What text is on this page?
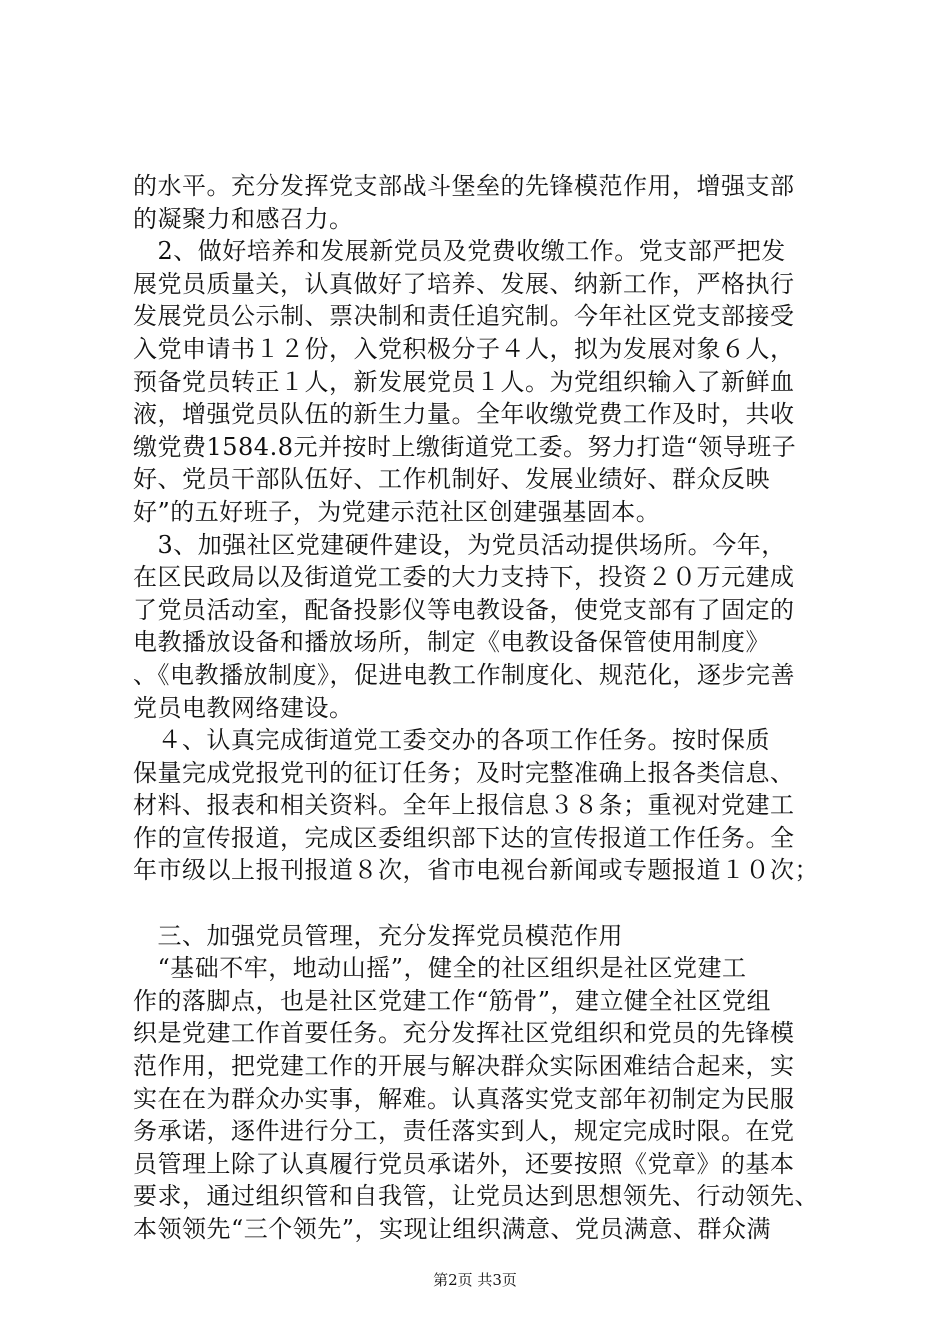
的水平。充分发挥党支部战斗堡垒的先锋模范作用，增强支部
的凝聚力和感召力。
　2、做好培养和发展新党员及党费收缴工作。党支部严把发
展党员质量关，认真做好了培养、发展、纳新工作，严格执行
发展党员公示制、票决制和责任追究制。今年社区党支部接受
入党申请书１２份，入党积极分子４人，拟为发展对象６人，
预备党员转正１人，新发展党员１人。为党组织输入了新鲜血
液，增强党员队伍的新生力量。全年收缴党费工作及时，共收
缴党费1584.8元并按时上缴街道党工委。努力打造“领导班子
好、党员干部队伍好、工作机制好、发展业绩好、群众反映
好”的五好班子，为党建示范社区创建强基固本。
　3、加强社区党建硬件建设，为党员活动提供场所。今年，
在区民政局以及街道党工委的大力支持下，投资２０万元建成
了党员活动室，配备投影仪等电教设备，使党支部有了固定的
电教播放设备和播放场所，制定《电教设备保管使用制度》
、《电教播放制度》，促进电教工作制度化、规范化，逐步完善
党员电教网络建设。
　４、认真完成街道党工委交办的各项工作任务。按时保质
保量完成党报党刊的征订任务；及时完整准确上报各类信息、
材料、报表和相关资料。全年上报信息３８条；重视对党建工
作的宣传报道，完成区委组织部下达的宣传报道工作任务。全
年市级以上报刊报道８次，省市电视台新闻或专题报道１０次；
　三、加强党员管理，充分发挥党员模范作用
　“基础不牢，地动山摇”，健全的社区组织是社区党建工
作的落脚点，也是社区党建工作“筋骨”，建立健全社区党组
织是党建工作首要任务。充分发挥社区党组织和党员的先锋模
范作用，把党建工作的开展与解决群众实际困难结合起来，实
实在在为群众办实事，解难。认真落实党支部年初制定为民服
务承诺，逐件进行分工，责任落实到人，规定完成时限。在党
员管理上除了认真履行党员承诺外，还要按照《党章》的基本
要求，通过组织管和自我管，让党员达到思想领先、行动领先、
本领领先“三个领先”，实现让组织满意、党员满意、群众满
第2页 共3页
